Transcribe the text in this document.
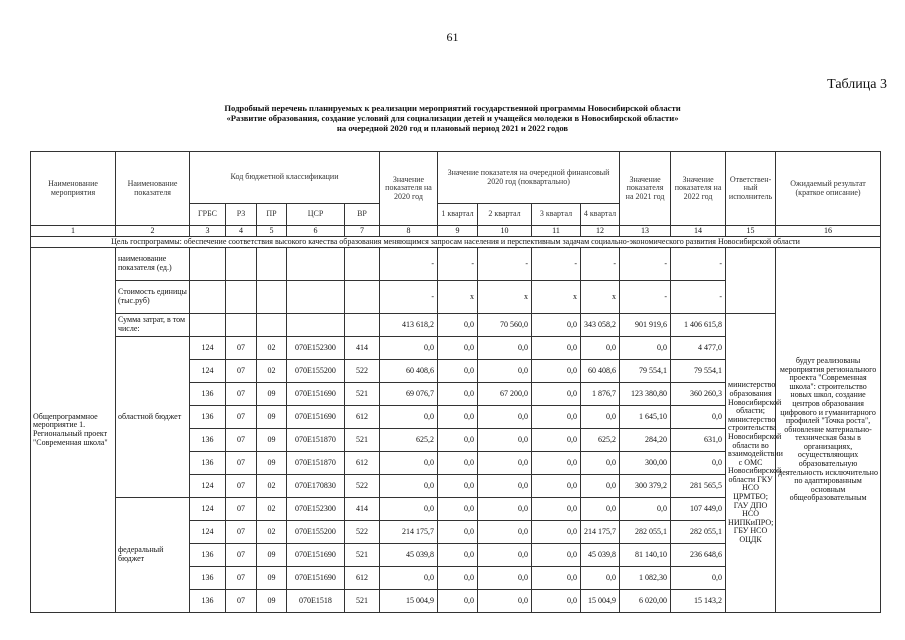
61
Таблица 3
Подробный перечень планируемых к реализации мероприятий государственной программы Новосибирской области
«Развитие образования, создание условий для социализации детей и учащейся молодежи в Новосибирской области»
на очередной 2020 год и плановый период 2021 и 2022 годов
Наименование мероприятия	Наименование показателя	Код бюджетной классификации					Значение показателя на 2020 год	Значение показателя на очередной финансовый 2020 год (поквартально)				Значение показателя на 2021 год	Значение показателя на 2022 год	Ответствен-ный исполнитель	Ожидаемый результат (краткое описание)
		ГРБС	РЗ	ПР	ЦСР	ВР		1 квартал	2 квартал	3 квартал	4 квартал				
1	2	3	4	5	6	7	8	9	10	11	12	13	14	15	16
Цель госпрограммы: обеспечение соответствия высокого качества образования меняющимся запросам населения и перспективным задачам социально-экономического развития Новосибирской области															
Общепрограммное мероприятие 1. Региональный проект "Современная школа"	наименование показателя (ед.)						-	-	-	-	-	-	-		будут реализованы мероприятия регионального проекта "Современная школа": строительство новых школ, создание центров образования цифрового и гуманитарного профилей "Точка роста", обновление материально-техническая базы в организациях, осуществляющих образовательную деятельность исключительно по адаптированным основным общеобразовательным
	Стоимость единицы (тыс.руб)						-	х	х	х	х	-	-		
	Сумма затрат, в том числе:						413 618,2	0,0	70 560,0	0,0	343 058,2	901 919,6	1 406 615,8	министерство образования Новосибирской области; министерство строительства Новосибирской области во взаимодействии с ОМС Новосибирской области ГКУ НСО ЦРМТБО; ГАУ ДПО НСО НИПКиПРО; ГБУ НСО ОЦДК	
	областной бюджет	124	07	02	070E152300	414	0,0	0,0	0,0	0,0	0,0	0,0	4 477,0		
		124	07	02	070E155200	522	60 408,6	0,0	0,0	0,0	60 408,6	79 554,1	79 554,1		
		136	07	09	070E151690	521	69 076,7	0,0	67 200,0	0,0	1 876,7	123 380,80	360 260,3		
		136	07	09	070E151690	612	0,0	0,0	0,0	0,0	0,0	1 645,10	0,0		
		136	07	09	070E151870	521	625,2	0,0	0,0	0,0	625,2	284,20	631,0		
		136	07	09	070E151870	612	0,0	0,0	0,0	0,0	0,0	300,00	0,0		
		124	07	02	070E170830	522	0,0	0,0	0,0	0,0	0,0	300 379,2	281 565,5		
	федеральный бюджет	124	07	02	070E152300	414	0,0	0,0	0,0	0,0	0,0	0,0	107 449,0		
		124	07	02	070E155200	522	214 175,7	0,0	0,0	0,0	214 175,7	282 055,1	282 055,1		
		136	07	09	070E151690	521	45 039,8	0,0	0,0	0,0	45 039,8	81 140,10	236 648,6		
		136	07	09	070E151690	612	0,0	0,0	0,0	0,0	0,0	1 082,30	0,0		
		136	07	09	070E1518	521	15 004,9	0,0	0,0	0,0	15 004,9	6 020,00	15 143,2		
